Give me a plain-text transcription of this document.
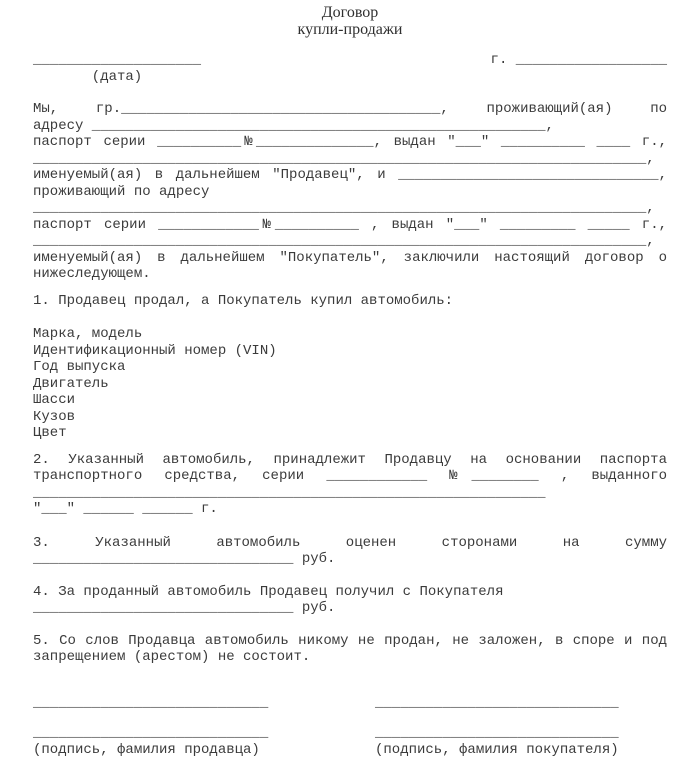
Договор
купли-продажи
____________________
(дата)
г. __________________
Мы, гр.______________________________________, проживающий(ая) по
адресу ______________________________________________________,
паспорт серии __________№______________, выдан "___" __________ ____ г.,
_________________________________________________________________________,
именуемый(ая) в дальнейшем "Продавец", и _______________________________,
проживающий по адресу
_________________________________________________________________________,
паспорт серии ____________№__________ , выдан "___" _________ _____ г.,
_________________________________________________________________________,
именуемый(ая) в дальнейшем "Покупатель", заключили настоящий договор о
нижеследующем.
1. Продавец продал, а Покупатель купил автомобиль:
Марка, модель
Идентификационный номер (VIN)
Год выпуска
Двигатель
Шасси
Кузов
Цвет
2. Указанный автомобиль, принадлежит Продавцу на основании паспорта
транспортного средства, серии ____________ №________ , выданного
_____________________________________________________________
"___" ______ ______ г.
3. Указанный автомобиль оценен сторонами на сумму
_______________________________ руб.
4. За проданный автомобиль Продавец получил с Покупателя
_______________________________ руб.
5. Со слов Продавца автомобиль никому не продан, не заложен, в споре и под
запрещением (арестом) не состоит.
____________________________
____________________________
(подпись, фамилия продавца)
_____________________________
_____________________________
(подпись, фамилия покупателя)
